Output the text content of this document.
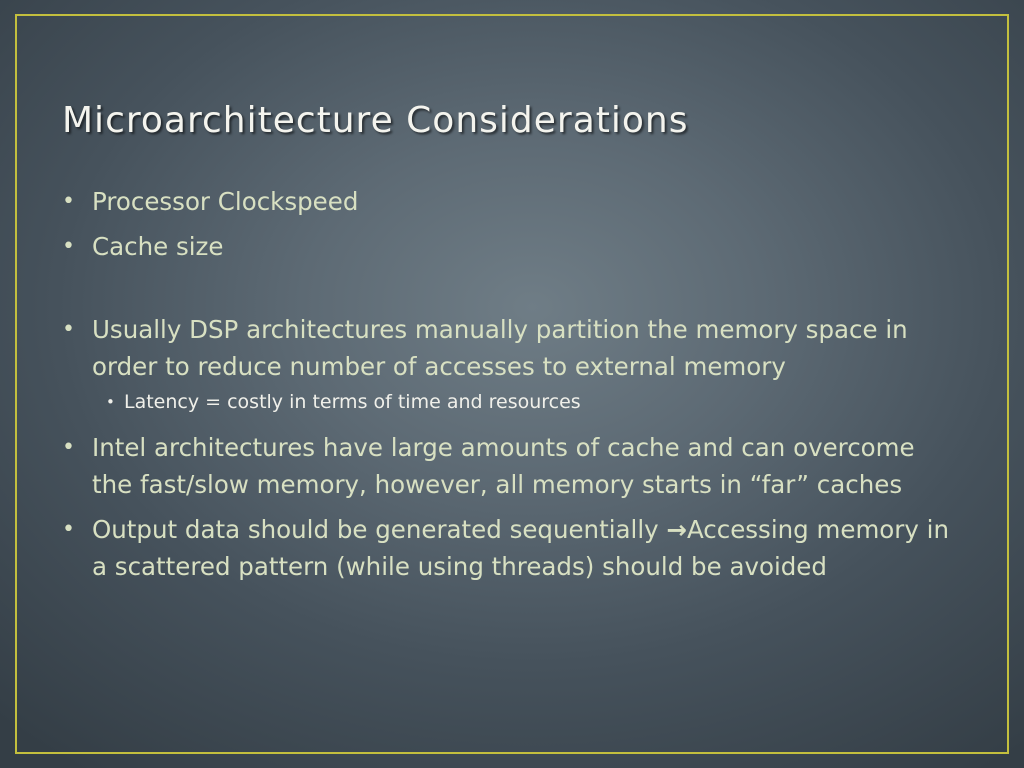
Microarchitecture Considerations
• Processor Clockspeed
• Cache size
• Usually DSP architectures manually partition the memory space in order to reduce number of accesses to external memory
• Latency = costly in terms of time and resources
• Intel architectures have large amounts of cache and can overcome the fast/slow memory, however, all memory starts in “far” caches
• Output data should be generated sequentially →Accessing memory in a scattered pattern (while using threads) should be avoided
